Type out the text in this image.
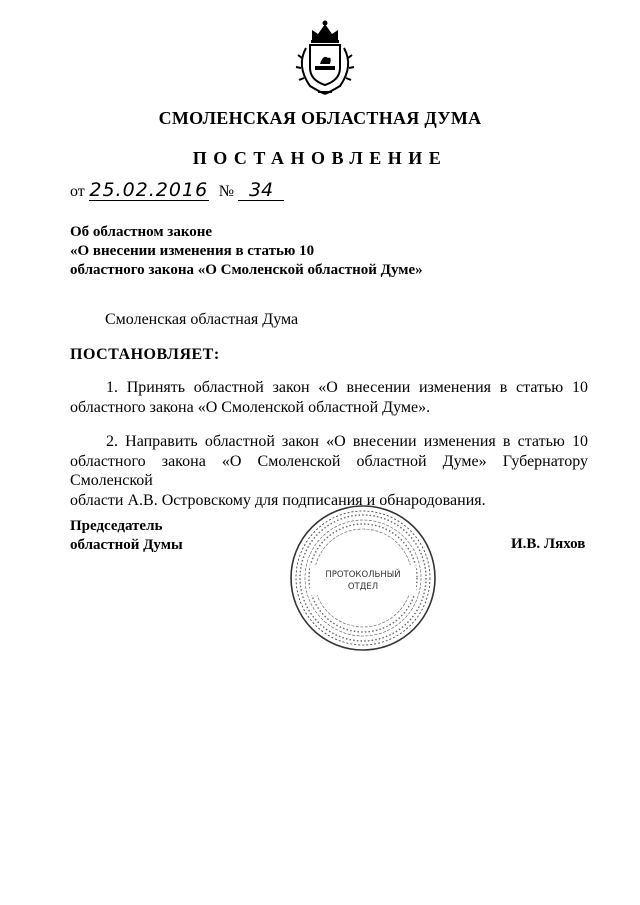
СМОЛЕНСКАЯ ОБЛАСТНАЯ ДУМА
ПОСТАНОВЛЕНИЕ
от 25.02.2016 № 34
Об областном законе
«О внесении изменения в статью 10
областного закона «О Смоленской областной Думе»
Смоленская областная Дума
ПОСТАНОВЛЯЕТ:
1. Принять областной закон «О внесении изменения в статью 10
областного закона «О Смоленской областной Думе».
2. Направить областной закон «О внесении изменения в статью 10
областного закона «О Смоленской областной Думе» Губернатору Смоленской
области А.В. Островскому для подписания и обнародования.
Председатель
областной Думы	И.В. Ляхов
ПРОТОКОЛЬНЫЙ
ОТДЕЛ
